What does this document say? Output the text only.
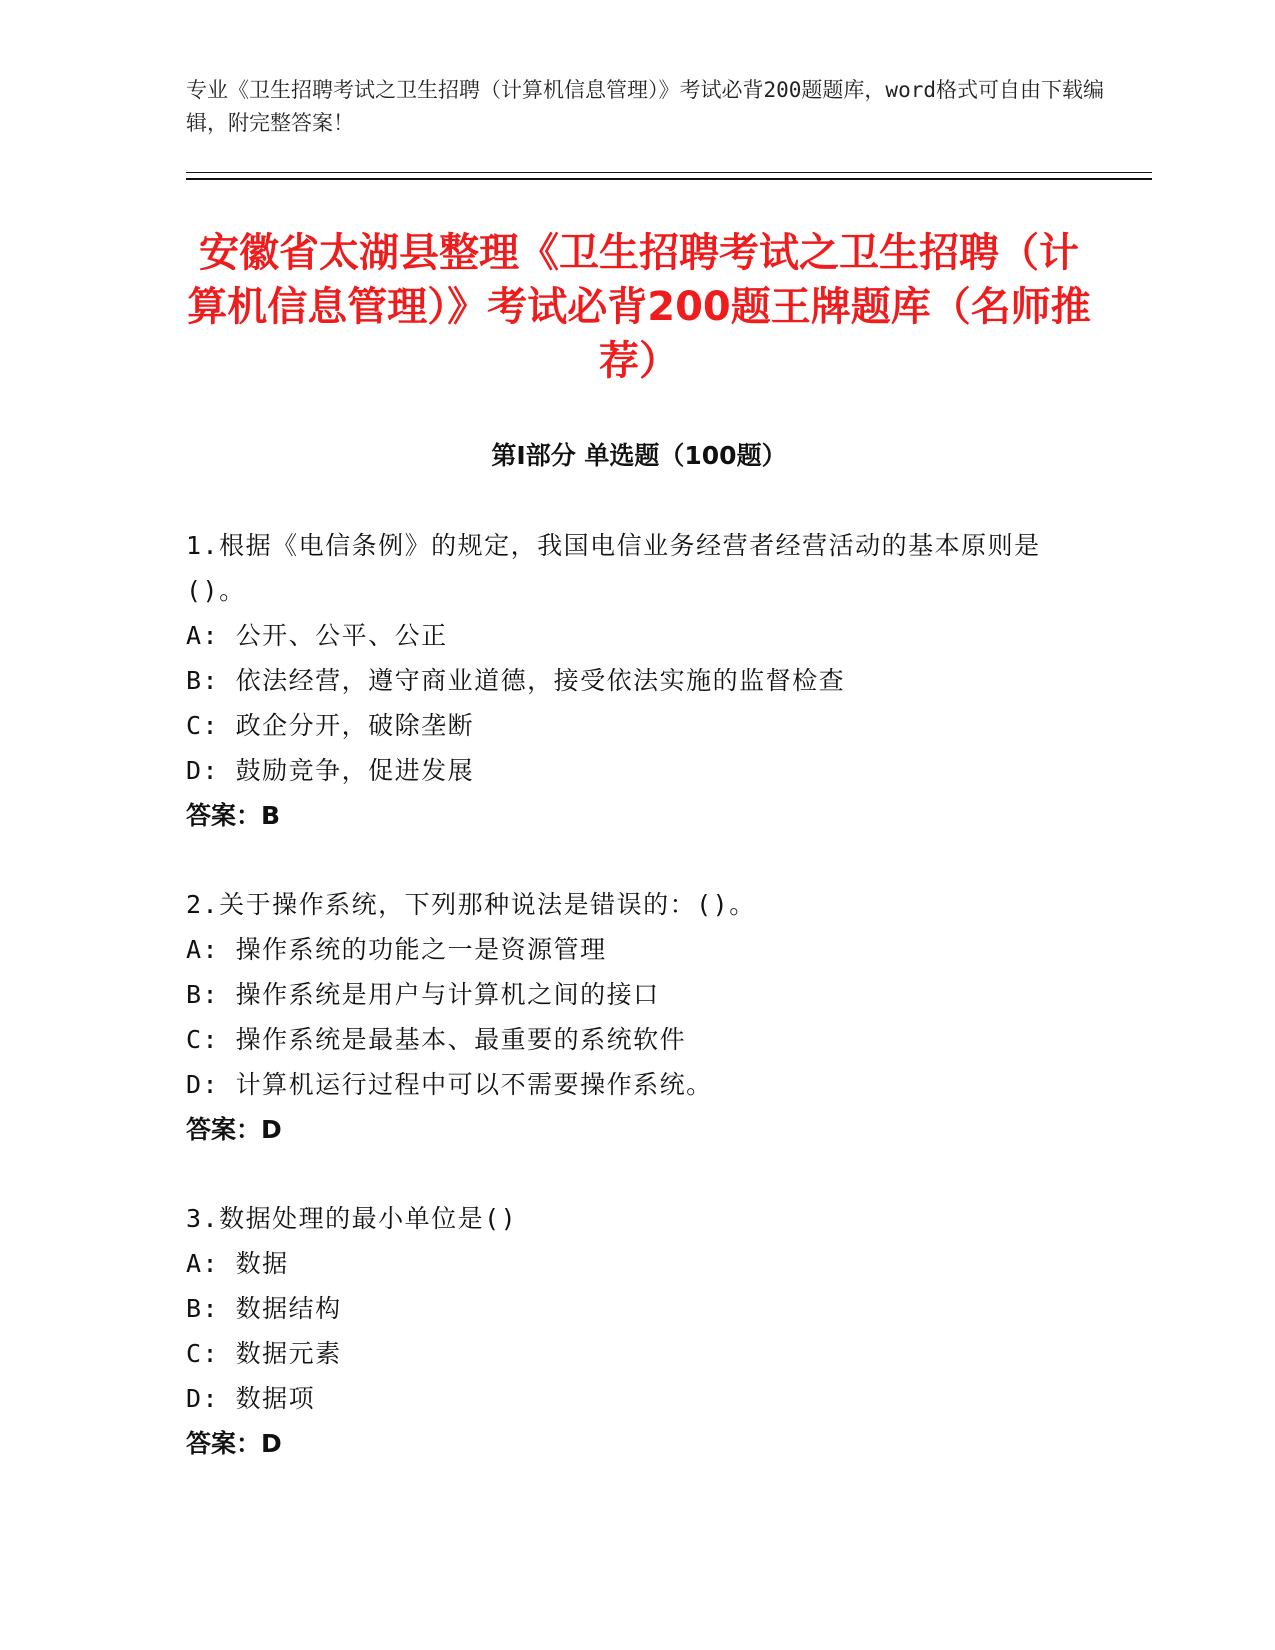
专业《卫生招聘考试之卫生招聘（计算机信息管理）》考试必背200题题库，word格式可自由下载编辑，附完整答案！

安徽省太湖县整理《卫生招聘考试之卫生招聘（计算机信息管理）》考试必背200题王牌题库（名师推荐）
第Ⅰ部分 单选题（100题）

1.根据《电信条例》的规定，我国电信业务经营者经营活动的基本原则是()。

A: 公开、公平、公正

B: 依法经营，遵守商业道德，接受依法实施的监督检查

C: 政企分开，破除垄断

D: 鼓励竞争，促进发展

答案：B

2.关于操作系统，下列那种说法是错误的：()。

A: 操作系统的功能之一是资源管理

B: 操作系统是用户与计算机之间的接口

C: 操作系统是最基本、最重要的系统软件

D: 计算机运行过程中可以不需要操作系统。

答案：D

3.数据处理的最小单位是()

A: 数据

B: 数据结构

C: 数据元素

D: 数据项

答案：D
